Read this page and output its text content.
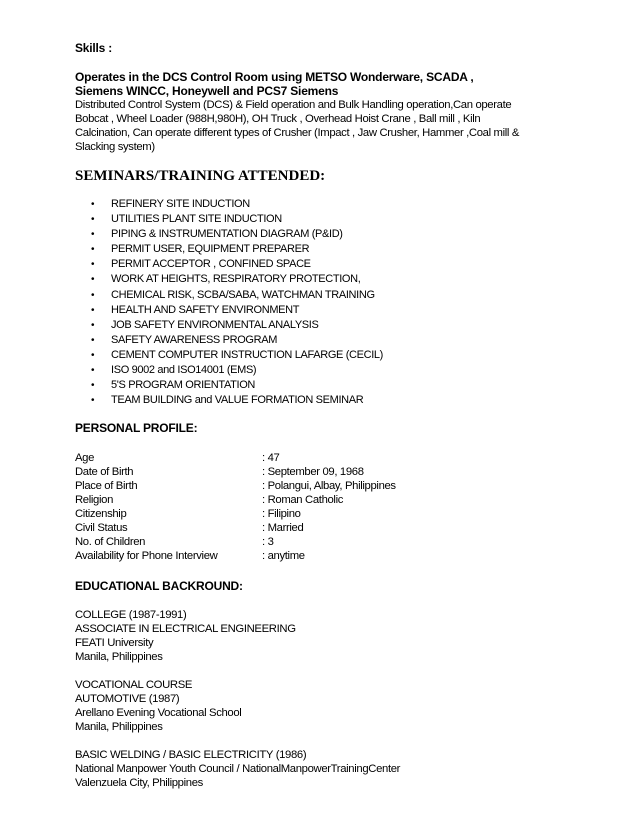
Skills :
Operates in the DCS Control Room using METSO Wonderware, SCADA ,
Siemens WINCC, Honeywell and PCS7 Siemens
Distributed Control System (DCS) & Field operation and Bulk Handling operation,Can operate
Bobcat , Wheel Loader (988H,980H), OH Truck , Overhead Hoist Crane , Ball mill , Kiln
Calcination, Can operate different types of Crusher (Impact , Jaw Crusher, Hammer ,Coal mill &
Slacking system)
SEMINARS/TRAINING ATTENDED:
• REFINERY SITE INDUCTION
• UTILITIES PLANT SITE INDUCTION
• PIPING & INSTRUMENTATION DIAGRAM (P&ID)
• PERMIT USER, EQUIPMENT PREPARER
• PERMIT ACCEPTOR , CONFINED SPACE
• WORK AT HEIGHTS, RESPIRATORY PROTECTION,
• CHEMICAL RISK, SCBA/SABA, WATCHMAN TRAINING
• HEALTH AND SAFETY ENVIRONMENT
• JOB SAFETY ENVIRONMENTAL ANALYSIS
• SAFETY AWARENESS PROGRAM
• CEMENT COMPUTER INSTRUCTION LAFARGE (CECIL)
• ISO 9002 and ISO14001 (EMS)
• 5'S PROGRAM ORIENTATION
• TEAM BUILDING and VALUE FORMATION SEMINAR
PERSONAL PROFILE:
Age	: 47
Date of Birth	: September 09, 1968
Place of Birth	: Polangui, Albay, Philippines
Religion	: Roman Catholic
Citizenship	: Filipino
Civil Status	: Married
No. of Children	: 3
Availability for Phone Interview	: anytime
EDUCATIONAL BACKROUND:
COLLEGE (1987-1991)
ASSOCIATE IN ELECTRICAL ENGINEERING
FEATI University
Manila, Philippines
VOCATIONAL COURSE
AUTOMOTIVE (1987)
Arellano Evening Vocational School
Manila, Philippines
BASIC WELDING / BASIC ELECTRICITY (1986)
National Manpower Youth Council / NationalManpowerTrainingCenter
Valenzuela City, Philippines
